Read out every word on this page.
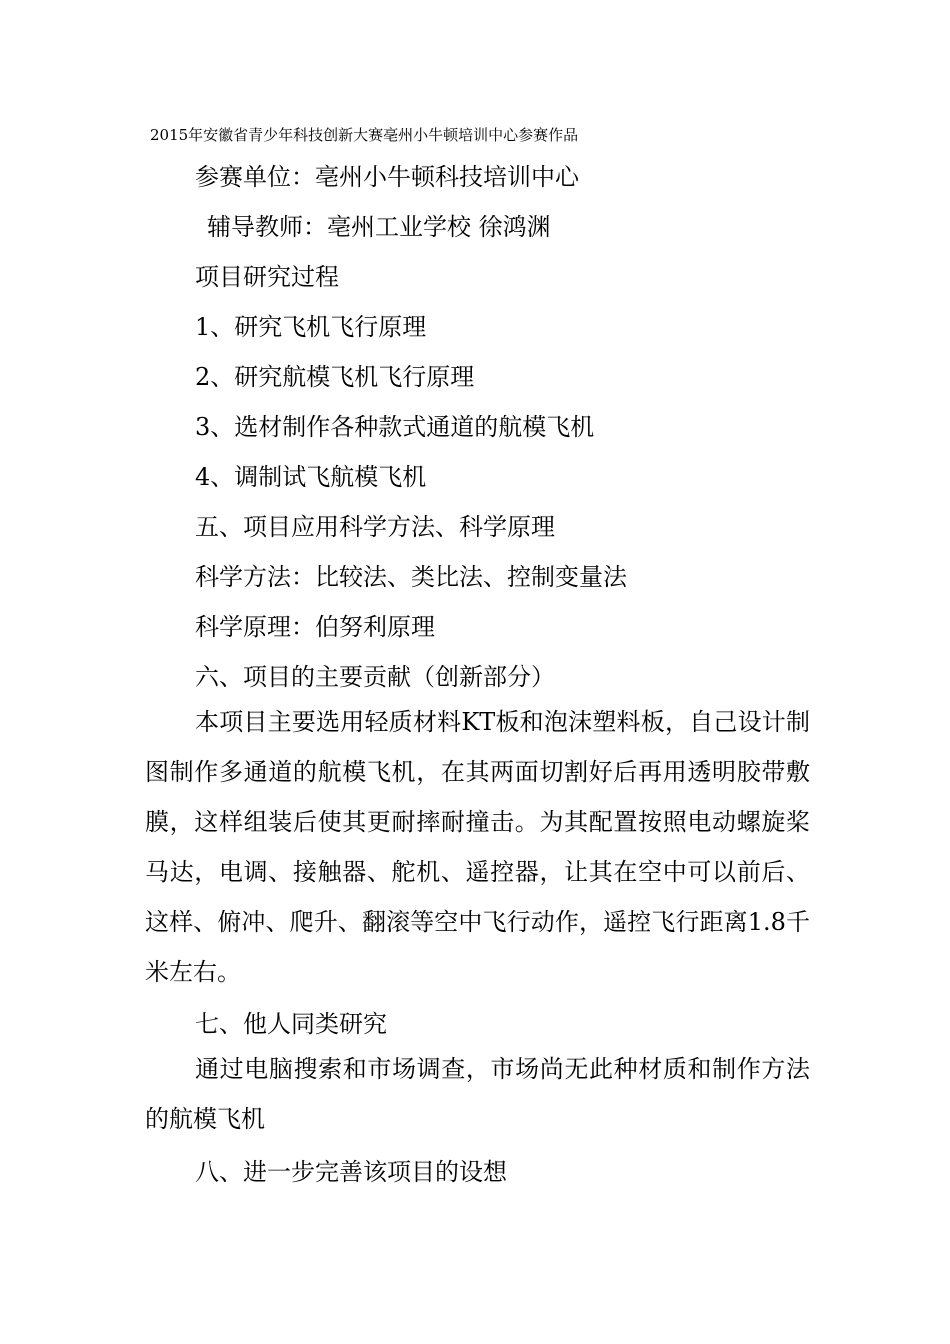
2015年安徽省青少年科技创新大赛亳州小牛顿培训中心参赛作品
参赛单位：亳州小牛顿科技培训中心
辅导教师：亳州工业学校 徐鸿渊
项目研究过程
1、研究飞机飞行原理
2、研究航模飞机飞行原理
3、选材制作各种款式通道的航模飞机
4、调制试飞航模飞机
五、项目应用科学方法、科学原理
科学方法：比较法、类比法、控制变量法
科学原理：伯努利原理
六、项目的主要贡献（创新部分）
本项目主要选用轻质材料KT板和泡沫塑料板，自己设计制图制作多通道的航模飞机，在其两面切割好后再用透明胶带敷膜，这样组装后使其更耐摔耐撞击。为其配置按照电动螺旋桨马达，电调、接触器、舵机、遥控器，让其在空中可以前后、这样、俯冲、爬升、翻滚等空中飞行动作，遥控飞行距离1.8千米左右。
七、他人同类研究
通过电脑搜索和市场调查，市场尚无此种材质和制作方法的航模飞机
八、进一步完善该项目的设想
